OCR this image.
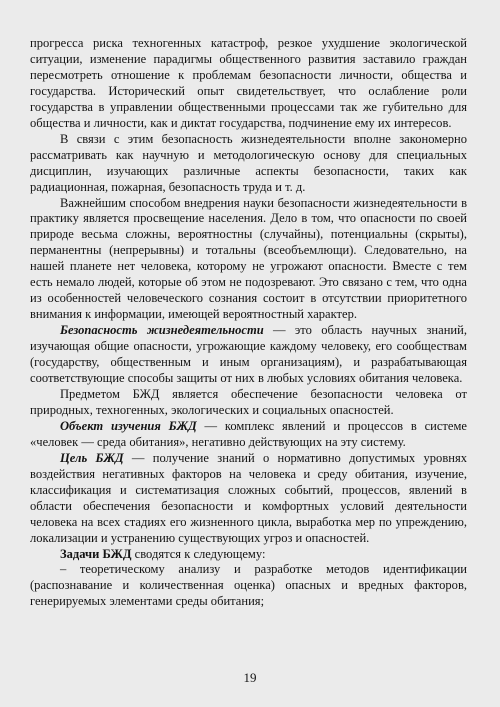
прогресса риска техногенных катастроф, резкое ухудшение экологической ситуации, изменение парадигмы общественного развития заставило граждан пересмотреть отношение к проблемам безопасности личности, общества и государства. Исторический опыт свидетельствует, что ослабление роли государства в управлении общественными процессами так же губительно для общества и личности, как и диктат государства, подчинение ему их интересов.

В связи с этим безопасность жизнедеятельности вполне закономерно рассматривать как научную и методологическую основу для специальных дисциплин, изучающих различные аспекты безопасности, таких как радиационная, пожарная, безопасность труда и т. д.

Важнейшим способом внедрения науки безопасности жизнедеятельности в практику является просвещение населения. Дело в том, что опасности по своей природе весьма сложны, вероятностны (случайны), потенциальны (скрыты), перманентны (непрерывны) и тотальны (всеобъемлющи). Следовательно, на нашей планете нет человека, которому не угрожают опасности. Вместе с тем есть немало людей, которые об этом не подозревают. Это связано с тем, что одна из особенностей человеческого сознания состоит в отсутствии приоритетного внимания к информации, имеющей вероятностный характер.

Безопасность жизнедеятельности — это область научных знаний, изучающая общие опасности, угрожающие каждому человеку, его сообществам (государству, общественным и иным организациям), и разрабатывающая соответствующие способы защиты от них в любых условиях обитания человека.

Предметом БЖД является обеспечение безопасности человека от природных, техногенных, экологических и социальных опасностей.

Объект изучения БЖД — комплекс явлений и процессов в системе «человек — среда обитания», негативно действующих на эту систему.

Цель БЖД — получение знаний о нормативно допустимых уровнях воздействия негативных факторов на человека и среду обитания, изучение, классификация и систематизация сложных событий, процессов, явлений в области обеспечения безопасности и комфортных условий деятельности человека на всех стадиях его жизненного цикла, выработка мер по упреждению, локализации и устранению существующих угроз и опасностей.

Задачи БЖД сводятся к следующему:

– теоретическому анализу и разработке методов идентификации (распознавание и количественная оценка) опасных и вредных факторов, генерируемых элементами среды обитания;

19
